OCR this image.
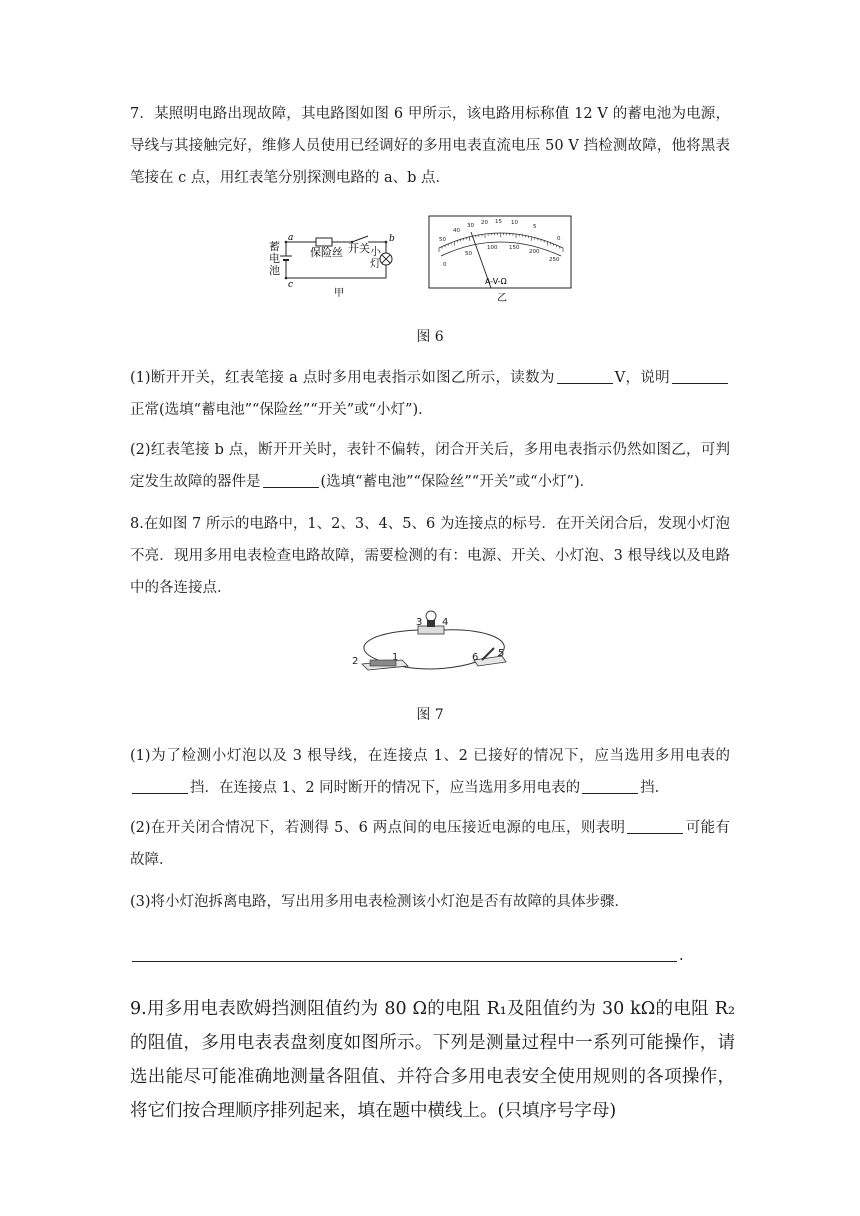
7．某照明电路出现故障，其电路图如图 6 甲所示，该电路用标称值 12 V 的蓄电池为电源，导线与其接触完好，维修人员使用已经调好的多用电表直流电压 50 V 挡检测故障，他将黑表笔接在 c 点，用红表笔分别探测电路的 a、b 点．

a	b
c
保险丝 开关
甲
蓄电池
小灯
50
40
30 20 15 10
5
0
0
50
100 150
200
250
A-V-Ω
乙
图 6

(1)断开开关，红表笔接 a 点时多用电表指示如图乙所示，读数为	V，说明正常(选填“蓄电池”“保险丝”“开关”或“小灯”)．

(2)红表笔接 b 点，断开开关时，表针不偏转，闭合开关后，多用电表指示仍然如图乙，可判定发生故障的器件是	(选填“蓄电池”“保险丝”“开关”或“小灯”)．

8.在如图 7 所示的电路中，1、2、3、4、5、6 为连接点的标号．在开关闭合后，发现小灯泡不亮．现用多用电表检查电路故障，需要检测的有：电源、开关、小灯泡、3 根导线以及电路中的各连接点．

1
2
3 4
5
6
图 7

(1)为了检测小灯泡以及 3 根导线，在连接点 1、2 已接好的情况下，应当选用多用电表的挡．在连接点 1、2 同时断开的情况下，应当选用多用电表的	挡．

(2)在开关闭合情况下，若测得 5、6 两点间的电压接近电源的电压，则表明	可能有故障．

(3)将小灯泡拆离电路，写出用多用电表检测该小灯泡是否有故障的具体步骤．

.

9.用多用电表欧姆挡测阻值约为 80 Ω的电阻 R₁及阻值约为 30 kΩ的电阻 R₂的阻值，多用电表表盘刻度如图所示。下列是测量过程中一系列可能操作，请选出能尽可能准确地测量各阻值、并符合多用电表安全使用规则的各项操作，将它们按合理顺序排列起来，填在题中横线上。(只填序号字母)
